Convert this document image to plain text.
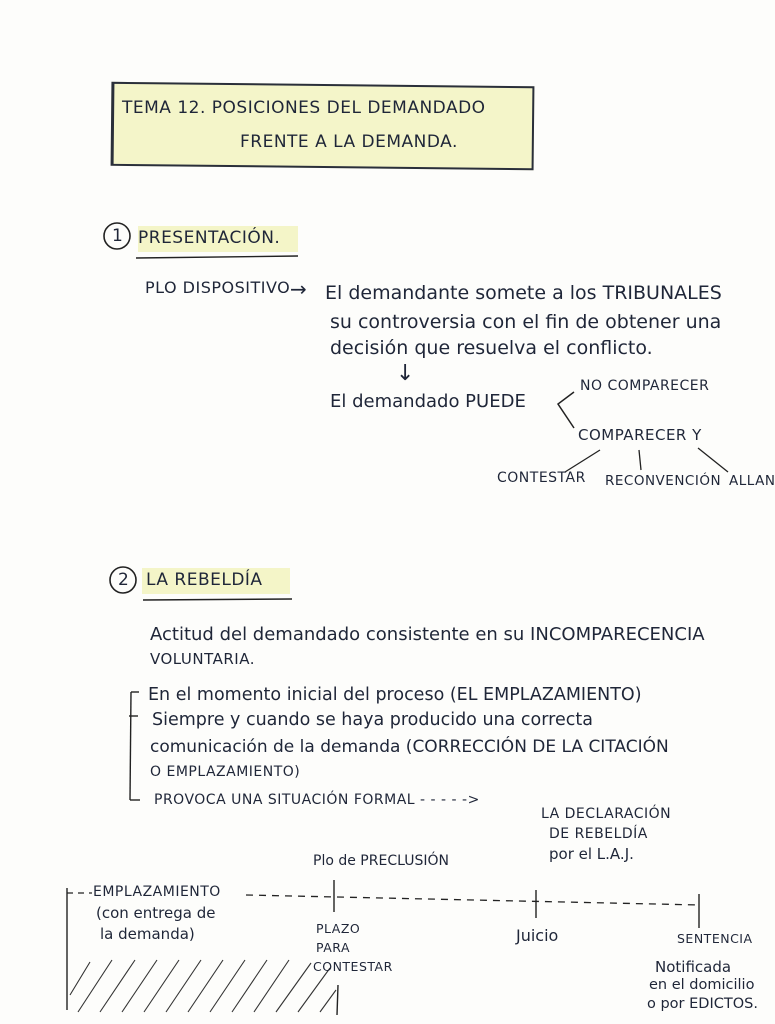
TEMA 12. POSICIONES DEL DEMANDADO
FRENTE A LA DEMANDA.
1 PRESENTACIÓN.
PLO DISPOSITIVO → El demandante somete a los TRIBUNALES
su controversia con el fin de obtener una
decisión que resuelva el conflicto.
↓
El demandado PUEDE
NO COMPARECER
COMPARECER Y
CONTESTAR RECONVENCIÓN ALLAN
2 LA REBELDÍA
Actitud del demandado consistente en su INCOMPARECENCIA
VOLUNTARIA.
En el momento inicial del proceso (EL EMPLAZAMIENTO)
Siempre y cuando se haya producido una correcta
comunicación de la demanda (CORRECCIÓN DE LA CITACIÓN
O EMPLAZAMIENTO)
PROVOCA UNA SITUACIÓN FORMAL - - - - ->
LA DECLARACIÓN
DE REBELDÍA
por el L.A.J.
Plo de PRECLUSIÓN
EMPLAZAMIENTO
(con entrega de
la demanda)	PLAZO
PARA
CONTESTAR
Juicio	SENTENCIA
Notificada
en el domicilio
o por EDICTOS.
